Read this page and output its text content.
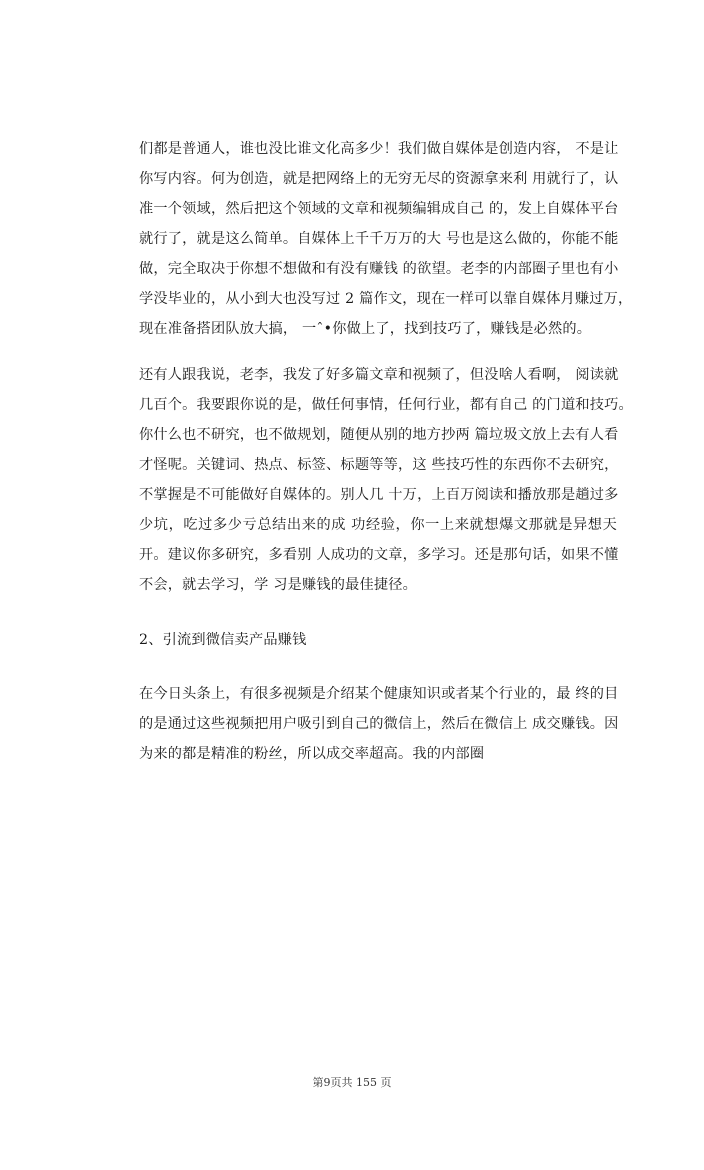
们都是普通人，谁也没比谁文化高多少！我们做自媒体是创造内容， 不是让
你写内容。何为创造，就是把网络上的无穷无尽的资源拿来利 用就行了，认
准一个领域，然后把这个领域的文章和视频编辑成自己 的，发上自媒体平台
就行了，就是这么简单。自媒体上千千万万的大 号也是这么做的，你能不能
做，完全取决于你想不想做和有没有赚钱 的欲望。老李的内部圈子里也有小
学没毕业的，从小到大也没写过 2 篇作文，现在一样可以靠自媒体月赚过万，
现在准备搭团队放大搞， 一ˆ•你做上了，找到技巧了，赚钱是必然的。
还有人跟我说，老李，我发了好多篇文章和视频了，但没啥人看啊， 阅读就
几百个。我要跟你说的是，做任何事情，任何行业，都有自己 的门道和技巧。
你什么也不研究，也不做规划，随便从别的地方抄两 篇垃圾文放上去有人看
才怪呢。关键词、热点、标签、标题等等，这 些技巧性的东西你不去研究，
不掌握是不可能做好自媒体的。别人几 十万，上百万阅读和播放那是趟过多
少坑，吃过多少亏总结出来的成 功经验，你一上来就想爆文那就是异想天
开。建议你多研究，多看别 人成功的文章，多学习。还是那句话，如果不懂
不会，就去学习，学 习是赚钱的最佳捷径。
2、引流到微信卖产品赚钱
在今日头条上，有很多视频是介绍某个健康知识或者某个行业的，最 终的目
的是通过这些视频把用户吸引到自己的微信上，然后在微信上 成交赚钱。因
为来的都是精准的粉丝，所以成交率超高。我的内部圈
第9页共 155 页
